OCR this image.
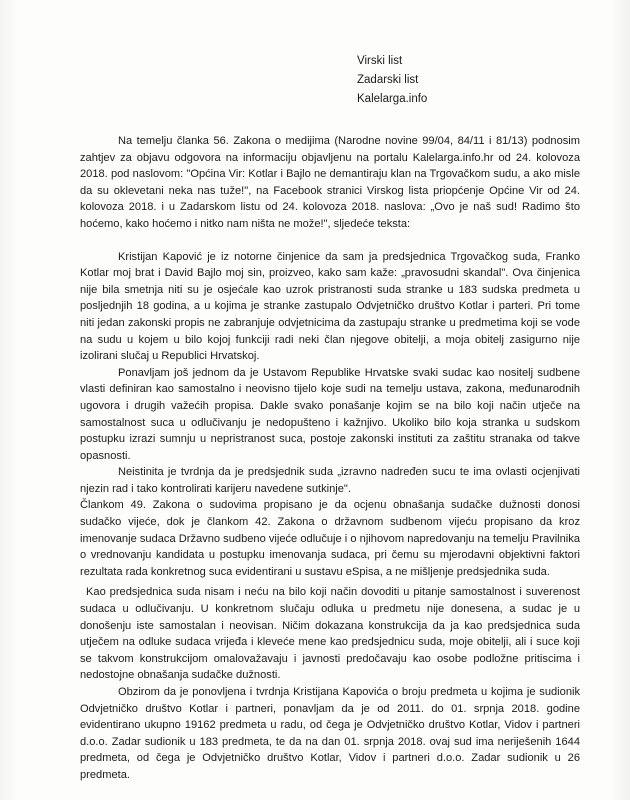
Virski list
Zadarski list
Kalelarga.info

Na temelju članka 56. Zakona o medijima (Narodne novine 99/04, 84/11 i 81/13) podnosim zahtjev za objavu odgovora na informaciju objavljenu na portalu Kalelarga.info.hr od 24. kolovoza 2018. pod naslovom: "Općina Vir: Kotlar i Bajlo ne demantiraju klan na Trgovačkom sudu, a ako misle da su oklevetani neka nas tuže!", na Facebook stranici Virskog lista priopćenje Općine Vir od 24. kolovoza 2018. i u Zadarskom listu od 24. kolovoza 2018. naslova: „Ovo je naš sud! Radimo što hoćemo, kako hoćemo i nitko nam ništa ne može!", sljedeće teksta:

Kristijan Kapović je iz notorne činjenice da sam ja predsjednica Trgovačkog suda, Franko Kotlar moj brat i David Bajlo moj sin, proizveo, kako sam kaže: „pravosudni skandal". Ova činjenica nije bila smetnja niti su je osjećale kao uzrok pristranosti suda stranke u 183 sudska predmeta u posljednjih 18 godina, a u kojima je stranke zastupalo Odvjetničko društvo Kotlar i parteri. Pri tome niti jedan zakonski propis ne zabranjuje odvjetnicima da zastupaju stranke u predmetima koji se vode na sudu u kojem u bilo kojoj funkciji radi neki član njegove obitelji, a moja obitelj zasigurno nije izolirani slučaj u Republici Hrvatskoj.

Ponavljam još jednom da je Ustavom Republike Hrvatske svaki sudac kao nositelj sudbene vlasti definiran kao samostalno i neovisno tijelo koje sudi na temelju ustava, zakona, međunarodnih ugovora i drugih važećih propisa. Dakle svako ponašanje kojim se na bilo koji način utječe na samostalnost suca u odlučivanju je nedopušteno i kažnjivo. Ukoliko bilo koja stranka u sudskom postupku izrazi sumnju u nepristranost suca, postoje zakonski instituti za zaštitu stranaka od takve opasnosti.

Neistinita je tvrdnja da je predsjednik suda „izravno nadređen sucu te ima ovlasti ocjenjivati njezin rad i tako kontrolirati karijeru navedene sutkinje".

Člankom 49. Zakona o sudovima propisano je da ocjenu obnašanja sudačke dužnosti donosi sudačko vijeće, dok je člankom 42. Zakona o državnom sudbenom vijeću propisano da kroz imenovanje sudaca Državno sudbeno vijeće odlučuje i o njihovom napredovanju na temelju Pravilnika o vrednovanju kandidata u postupku imenovanja sudaca, pri čemu su mjerodavni objektivni faktori rezultata rada konkretnog suca evidentirani u sustavu eSpisa, a ne mišljenje predsjednika suda.

Kao predsjednica suda nisam i neću na bilo koji način dovoditi u pitanje samostalnost i suverenost sudaca u odlučivanju. U konkretnom slučaju odluka u predmetu nije donesena, a sudac je u donošenju iste samostalan i neovisan. Ničim dokazana konstrukcija da ja kao predsjednica suda utječem na odluke sudaca vrijeđa i kleveće mene kao predsjednicu suda, moje obitelji, ali i suce koji se takvom konstrukcijom omalovažavaju i javnosti predočavaju kao osobe podložne pritiscima i nedostojne obnašanja sudačke dužnosti.

Obzirom da je ponovljena i tvrdnja Kristijana Kapovića o broju predmeta u kojima je sudionik Odvjetničko društvo Kotlar i partneri, ponavljam da je od 2011. do 01. srpnja 2018. godine evidentirano ukupno 19162 predmeta u radu, od čega je Odvjetničko društvo Kotlar, Vidov i partneri d.o.o. Zadar sudionik u 183 predmeta, te da na dan 01. srpnja 2018. ovaj sud ima neriješenih 1644 predmeta, od čega je Odvjetničko društvo Kotlar, Vidov i partneri d.o.o. Zadar sudionik u 26 predmeta.
